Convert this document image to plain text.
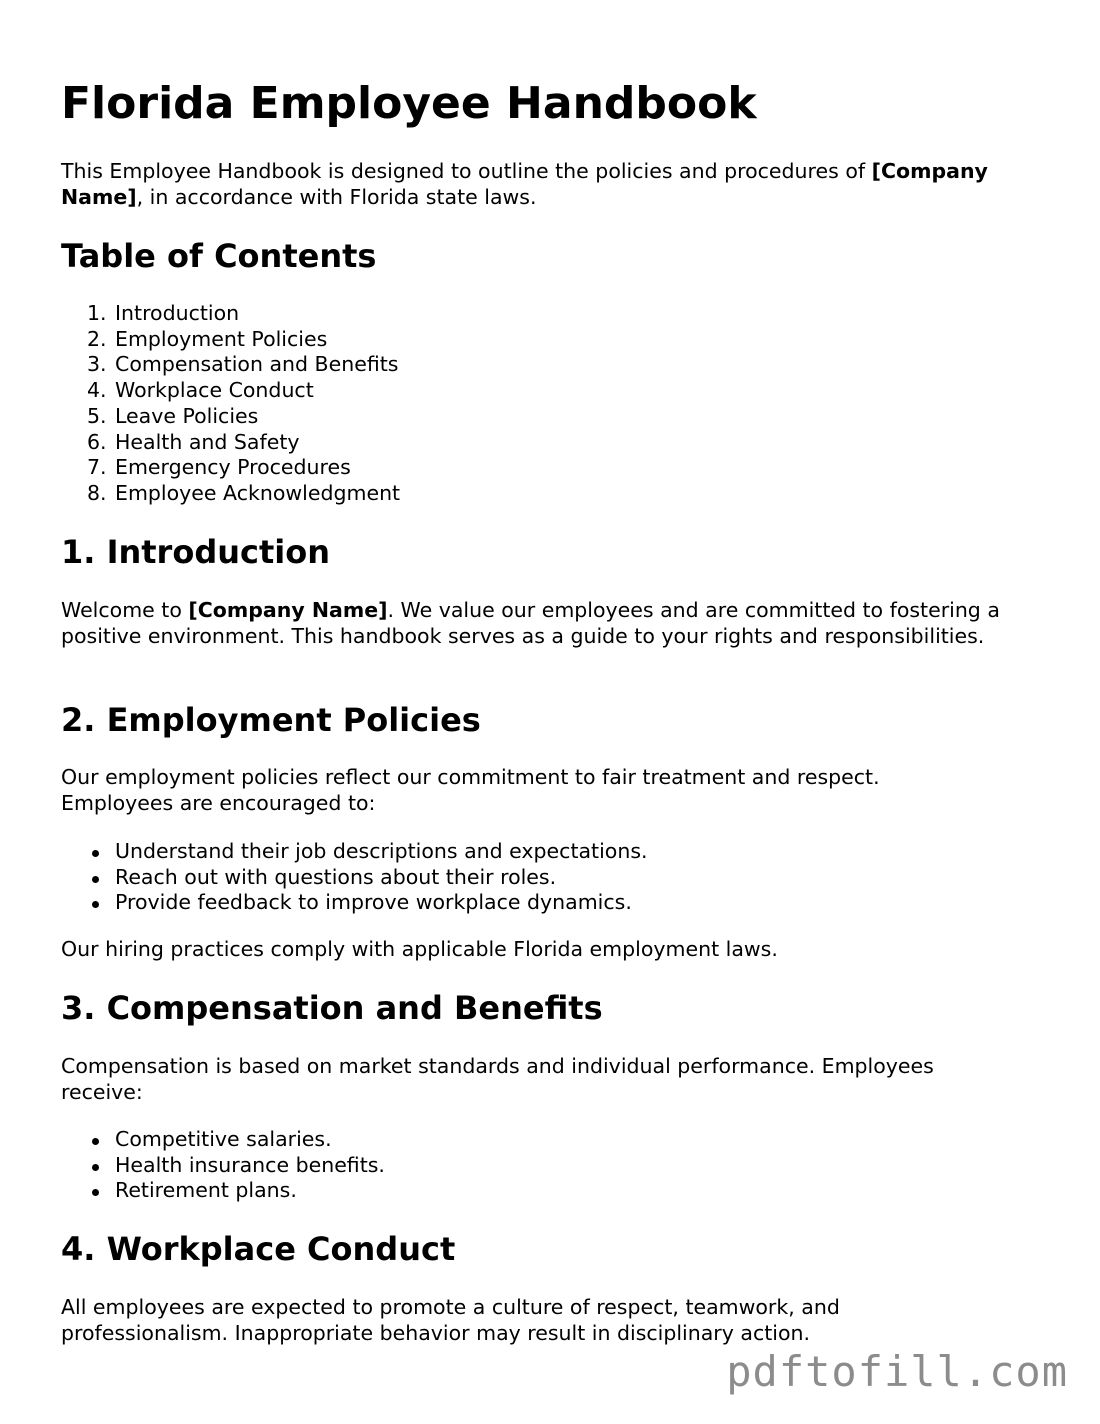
Florida Employee Handbook

This Employee Handbook is designed to outline the policies and procedures of [Company Name], in accordance with Florida state laws.

Table of Contents
1. Introduction
2. Employment Policies
3. Compensation and Benefits
4. Workplace Conduct
5. Leave Policies
6. Health and Safety
7. Emergency Procedures
8. Employee Acknowledgment
1. Introduction

Welcome to [Company Name]. We value our employees and are committed to fostering a positive environment. This handbook serves as a guide to your rights and responsibilities.

2. Employment Policies

Our employment policies reflect our commitment to fair treatment and respect. Employees are encouraged to:

Understand their job descriptions and expectations.
Reach out with questions about their roles.
Provide feedback to improve workplace dynamics.

Our hiring practices comply with applicable Florida employment laws.

3. Compensation and Benefits

Compensation is based on market standards and individual performance. Employees receive:

Competitive salaries.
Health insurance benefits.
Retirement plans.
4. Workplace Conduct

All employees are expected to promote a culture of respect, teamwork, and professionalism. Inappropriate behavior may result in disciplinary action.

pdftofill.com
